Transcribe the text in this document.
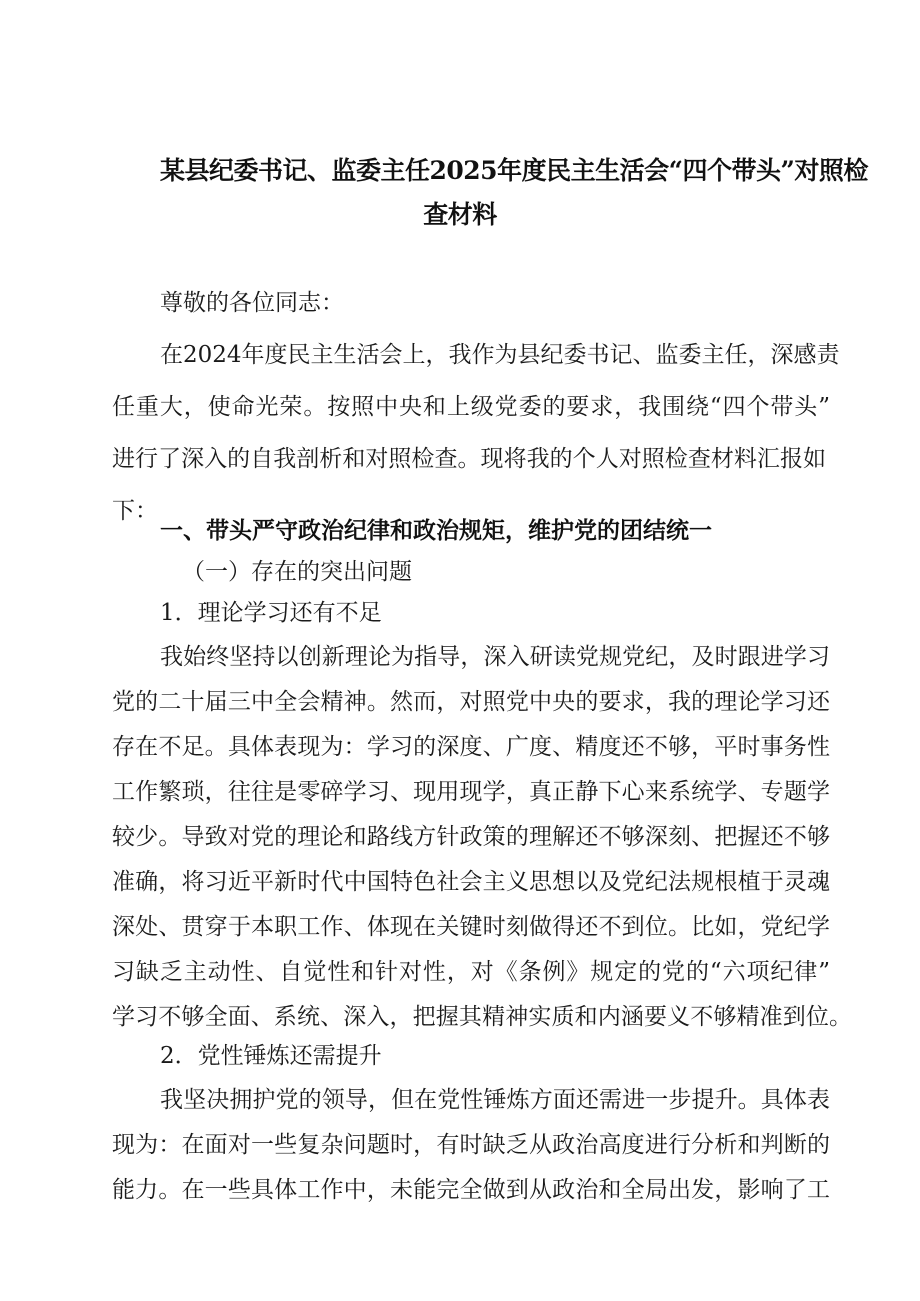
某县纪委书记、监委主任2025年度民主生活会“四个带头”对照检
查材料
尊敬的各位同志：
在2024年度民主生活会上，我作为县纪委书记、监委主任，深感责
任重大，使命光荣。按照中央和上级党委的要求，我围绕“四个带头”
进行了深入的自我剖析和对照检查。现将我的个人对照检查材料汇报如
下：
一、带头严守政治纪律和政治规矩，维护党的团结统一
（一）存在的突出问题
1．理论学习还有不足
我始终坚持以创新理论为指导，深入研读党规党纪，及时跟进学习
党的二十届三中全会精神。然而，对照党中央的要求，我的理论学习还
存在不足。具体表现为：学习的深度、广度、精度还不够，平时事务性
工作繁琐，往往是零碎学习、现用现学，真正静下心来系统学、专题学
较少。导致对党的理论和路线方针政策的理解还不够深刻、把握还不够
准确，将习近平新时代中国特色社会主义思想以及党纪法规根植于灵魂
深处、贯穿于本职工作、体现在关键时刻做得还不到位。比如，党纪学
习缺乏主动性、自觉性和针对性，对《条例》规定的党的“六项纪律”
学习不够全面、系统、深入，把握其精神实质和内涵要义不够精准到位。
2．党性锤炼还需提升
我坚决拥护党的领导，但在党性锤炼方面还需进一步提升。具体表
现为：在面对一些复杂问题时，有时缺乏从政治高度进行分析和判断的
能力。在一些具体工作中，未能完全做到从政治和全局出发，影响了工
